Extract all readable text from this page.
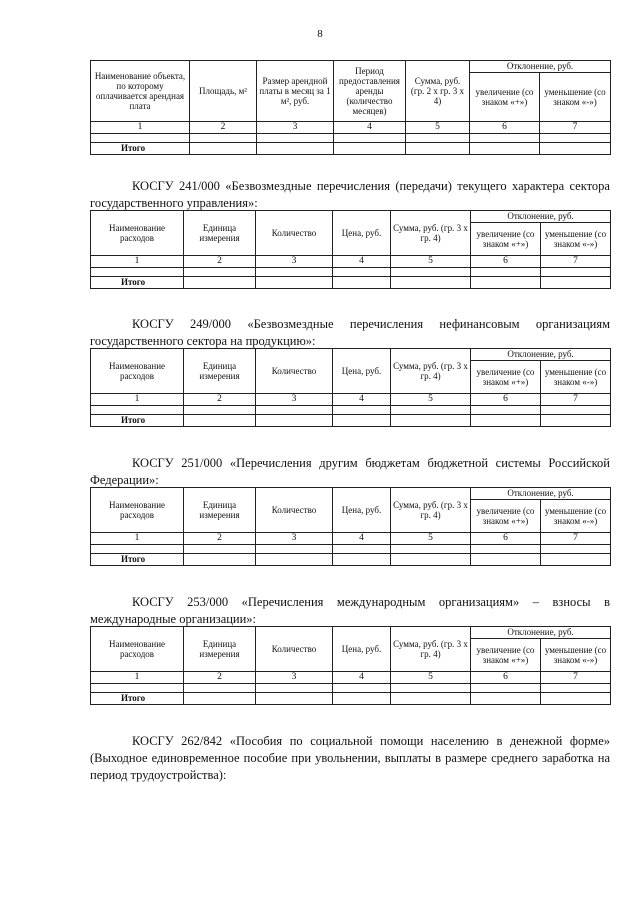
8
Наименование объекта, по которому оплачивается арендная плата	Площадь, м²	Размер арендной платы в месяц за 1 м², руб.	Период предоставления аренды (количество месяцев)	Сумма, руб. (гр. 2 х гр. 3 х 4)	Отклонение, руб.	
					увеличение (со знаком «+»)	уменьшение (со знаком «-»)
1	2	3	4	5	6	7

Итого						
КОСГУ 241/000 «Безвозмездные перечисления (передачи) текущего характера сектора государственного управления»:
Наименование расходов	Единица измерения	Количество	Цена, руб.	Сумма, руб. (гр. 3 х гр. 4)	Отклонение, руб.	
					увеличение (со знаком «+»)	уменьшение (со знаком «-»)
1	2	3	4	5	6	7

Итого						
КОСГУ 249/000 «Безвозмездные перечисления нефинансовым организациям государственного сектора на продукцию»:
Наименование расходов	Единица измерения	Количество	Цена, руб.	Сумма, руб. (гр. 3 х гр. 4)	Отклонение, руб.	
					увеличение (со знаком «+»)	уменьшение (со знаком «-»)
1	2	3	4	5	6	7

Итого						
КОСГУ 251/000 «Перечисления другим бюджетам бюджетной системы Российской Федерации»:
Наименование расходов	Единица измерения	Количество	Цена, руб.	Сумма, руб. (гр. 3 х гр. 4)	Отклонение, руб.	
					увеличение (со знаком «+»)	уменьшение (со знаком «-»)
1	2	3	4	5	6	7

Итого						
КОСГУ 253/000 «Перечисления международным организациям» – взносы в международные организации»:
Наименование расходов	Единица измерения	Количество	Цена, руб.	Сумма, руб. (гр. 3 х гр. 4)	Отклонение, руб.	
					увеличение (со знаком «+»)	уменьшение (со знаком «-»)
1	2	3	4	5	6	7

Итого						
КОСГУ 262/842 «Пособия по социальной помощи населению в денежной форме» (Выходное единовременное пособие при увольнении, выплаты в размере среднего заработка на период трудоустройства):
